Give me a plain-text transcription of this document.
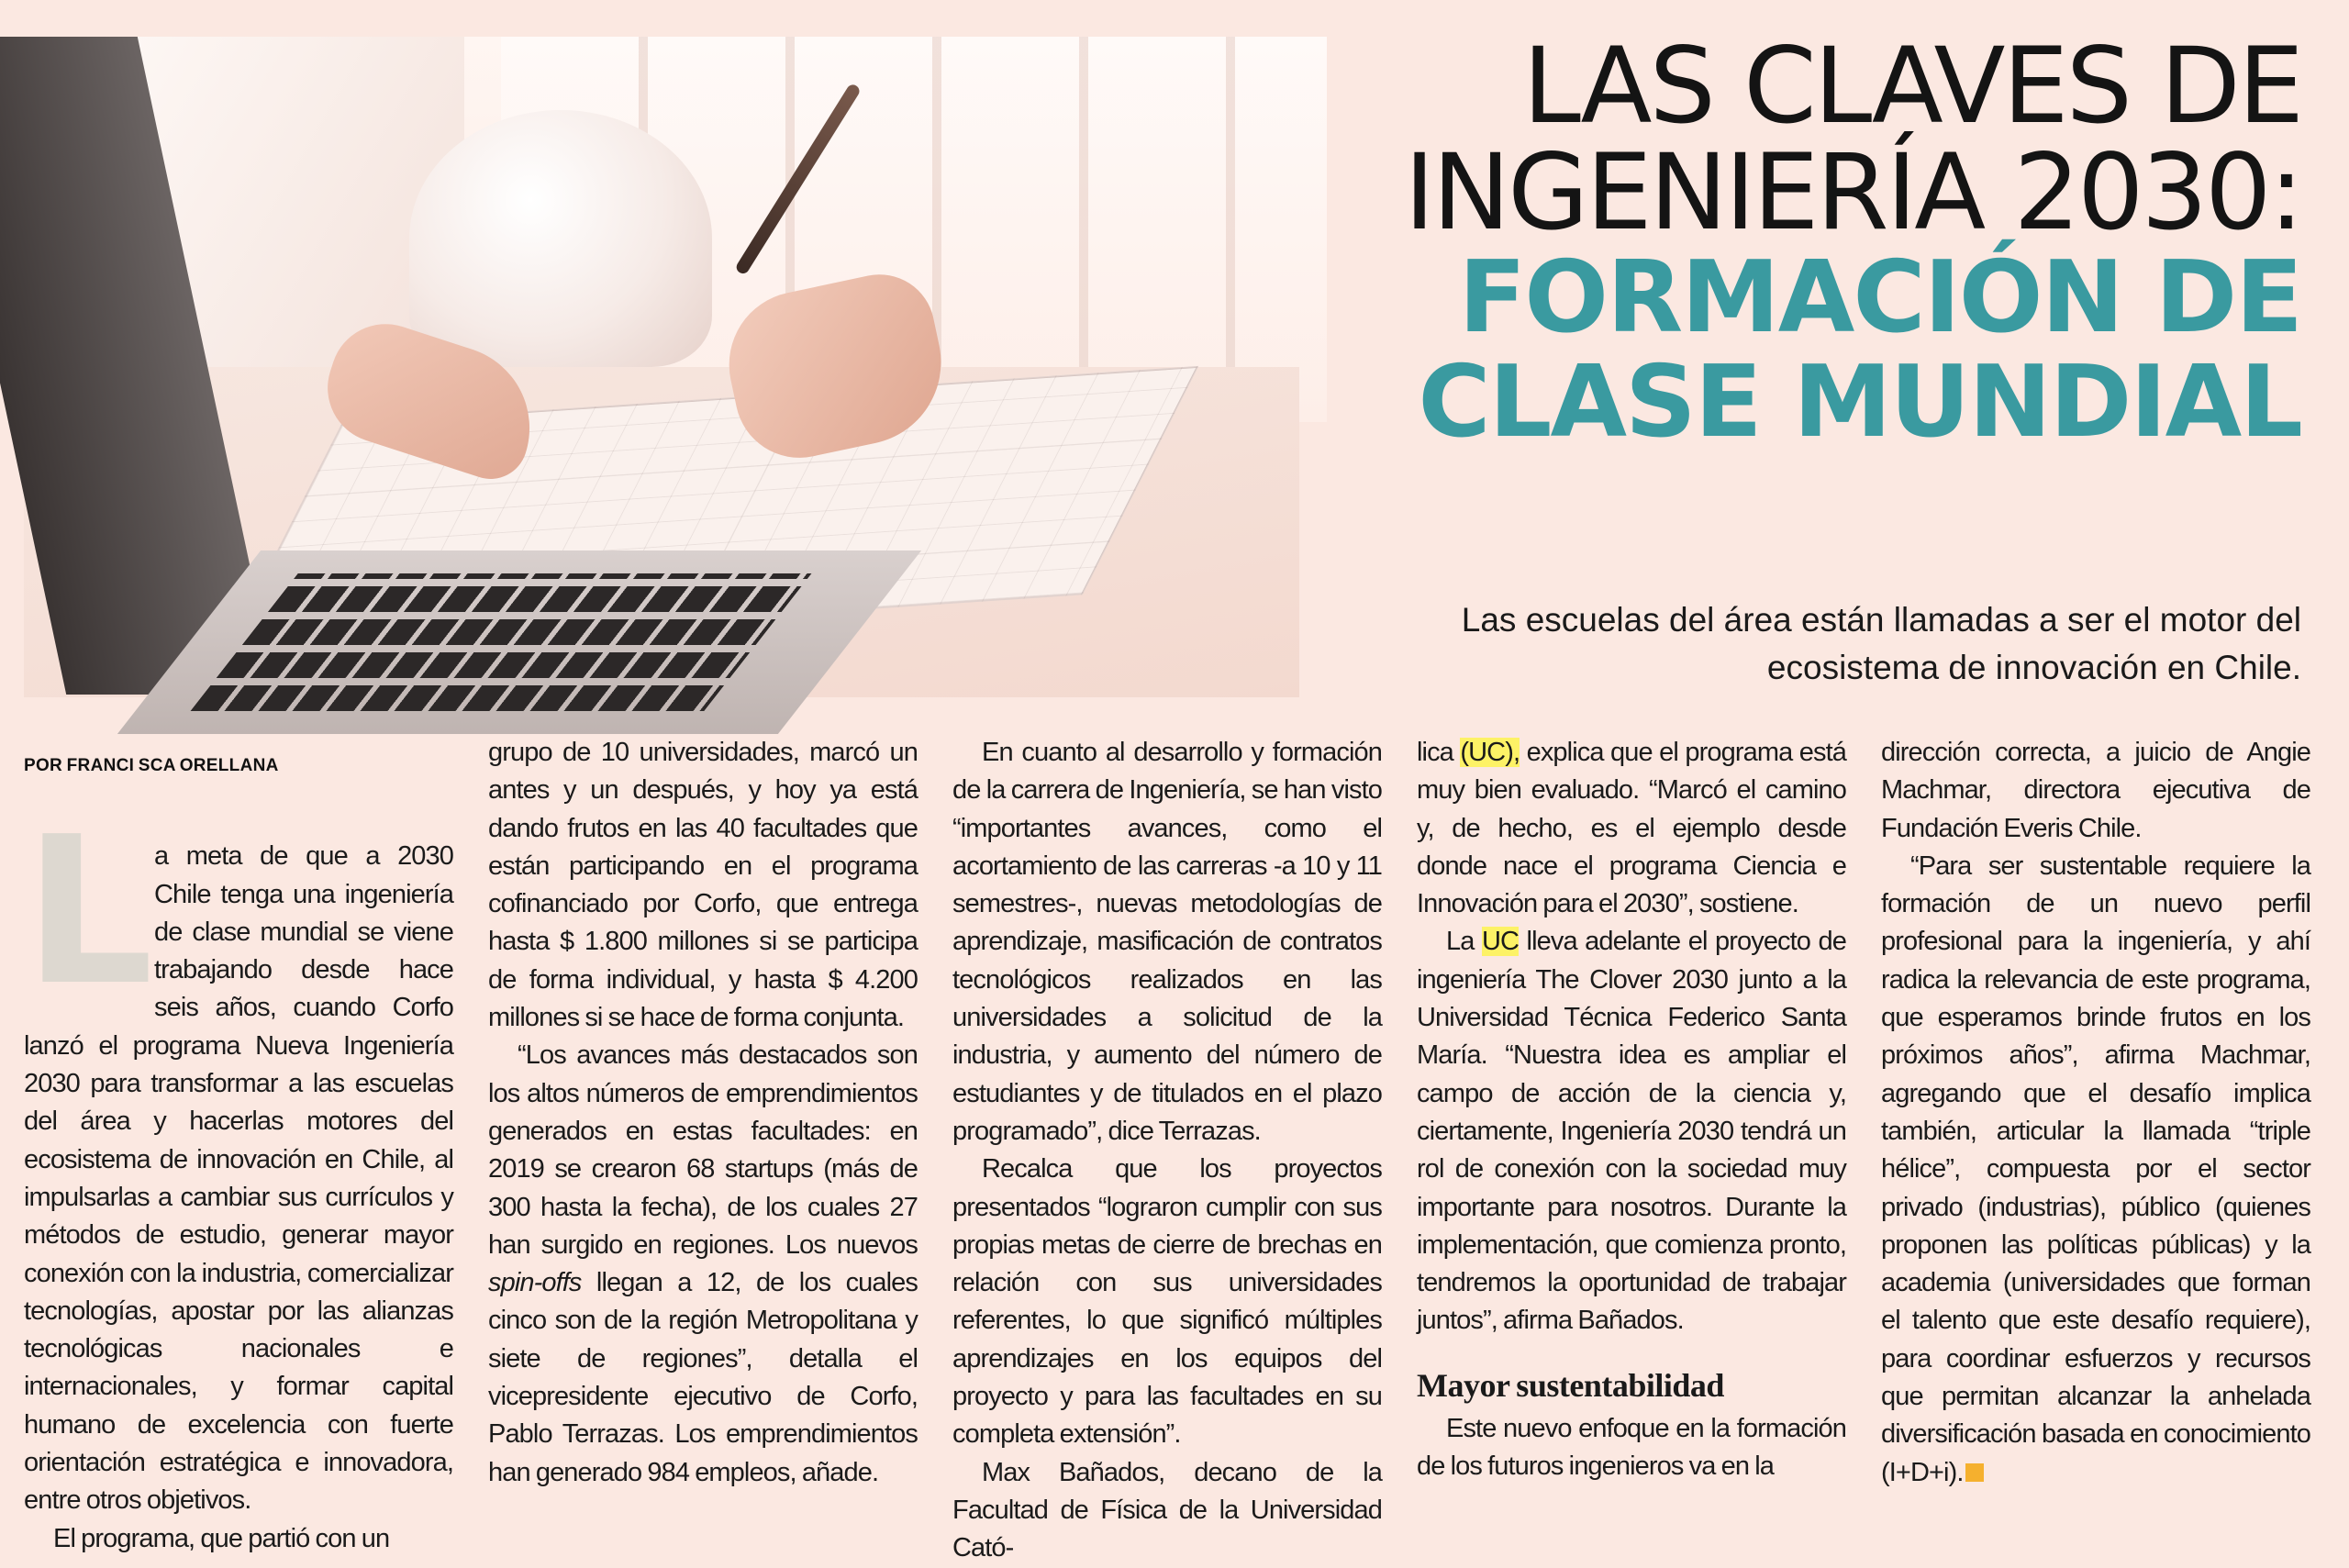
LAS CLAVES DE
INGENIERÍA 2030:
FORMACIÓN DE
CLASE MUNDIAL
Las escuelas del área están llamadas a ser el motor del
ecosistema de innovación en Chile.
POR FRANCI SCA ORELLANA
L a meta de que a 2030 Chile tenga una ingeniería de clase mundial se viene trabajando desde hace seis años, cuando Corfo lanzó el programa Nueva Ingeniería 2030 para transformar a las escuelas del área y hacerlas motores del ecosistema de innovación en Chile, al impulsarlas a cambiar sus currículos y métodos de estudio, generar mayor conexión con la industria, comercializar tecnologías, apostar por las alianzas tecnológicas nacionales e internacionales, y formar capital humano de excelencia con fuerte orientación estratégica e innovadora, entre otros objetivos.

El programa, que partió con un

grupo de 10 universidades, marcó un antes y un después, y hoy ya está dando frutos en las 40 facultades que están participando en el programa cofinanciado por Corfo, que entrega hasta $ 1.800 millones si se participa de forma individual, y hasta $ 4.200 millones si se hace de forma conjunta.

“Los avances más destacados son los altos números de emprendimientos generados en estas facultades: en 2019 se crearon 68 startups (más de 300 hasta la fecha), de los cuales 27 han surgido en regiones. Los nuevos spin-offs llegan a 12, de los cuales cinco son de la región Metropolitana y siete de regiones”, detalla el vicepresidente ejecutivo de Corfo, Pablo Terrazas. Los emprendimientos han generado 984 empleos, añade.

En cuanto al desarrollo y formación de la carrera de Ingeniería, se han visto “importantes avances, como el acortamiento de las carreras -a 10 y 11 semestres-, nuevas metodologías de aprendizaje, masificación de contratos tecnológicos realizados en las universidades a solicitud de la industria, y aumento del número de estudiantes y de titulados en el plazo programado”, dice Terrazas.

Recalca que los proyectos presentados “lograron cumplir con sus propias metas de cierre de brechas en relación con sus universidades referentes, lo que significó múltiples aprendizajes en los equipos del proyecto y para las facultades en su completa extensión”.

Max Bañados, decano de la Facultad de Física de la Universidad Cató-

lica (UC), explica que el programa está muy bien evaluado. “Marcó el camino y, de hecho, es el ejemplo desde donde nace el programa Ciencia e Innovación para el 2030”, sostiene.

La UC lleva adelante el proyecto de ingeniería The Clover 2030 junto a la Universidad Técnica Federico Santa María. “Nuestra idea es ampliar el campo de acción de la ciencia y, ciertamente, Ingeniería 2030 tendrá un rol de conexión con la sociedad muy importante para nosotros. Durante la implementación, que comienza pronto, tendremos la oportunidad de trabajar juntos”, afirma Bañados.

Mayor sustentabilidad

Este nuevo enfoque en la formación de los futuros ingenieros va en la

dirección correcta, a juicio de Angie Machmar, directora ejecutiva de Fundación Everis Chile.

“Para ser sustentable requiere la formación de un nuevo perfil profesional para la ingeniería, y ahí radica la relevancia de este programa, que esperamos brinde frutos en los próximos años”, afirma Machmar, agregando que el desafío implica también, articular la llamada “triple hélice”, compuesta por el sector privado (industrias), público (quienes proponen las políticas públicas) y la academia (universidades que forman el talento que este desafío requiere), para coordinar esfuerzos y recursos que permitan alcanzar la anhelada diversificación basada en conocimiento (I+D+i).
